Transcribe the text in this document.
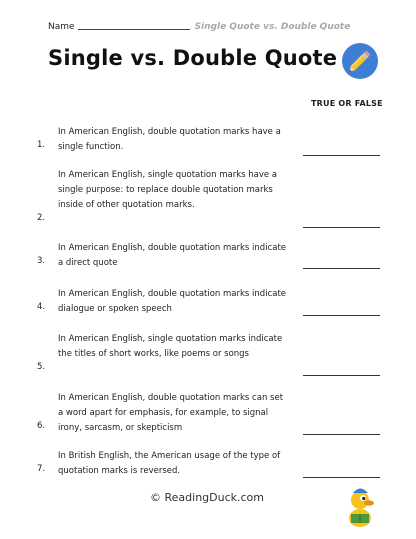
Name	Single Quote vs. Double Quote
Single vs. Double Quote
TRUE OR FALSE
In American English, double quotation marks have a single function.
1.
In American English, single quotation marks have a single purpose: to replace double quotation marks inside of other quotation marks.
2.
In American English, double quotation marks indicate a direct quote
3.
In American English, double quotation marks indicate dialogue or spoken speech
4.
In American English, single quotation marks indicate the titles of short works, like poems or songs
5.
In American English, double quotation marks can set a word apart for emphasis, for example, to signal irony, sarcasm, or skepticism
6.
In British English, the American usage of the type of quotation marks is reversed.
7.
© ReadingDuck.com
